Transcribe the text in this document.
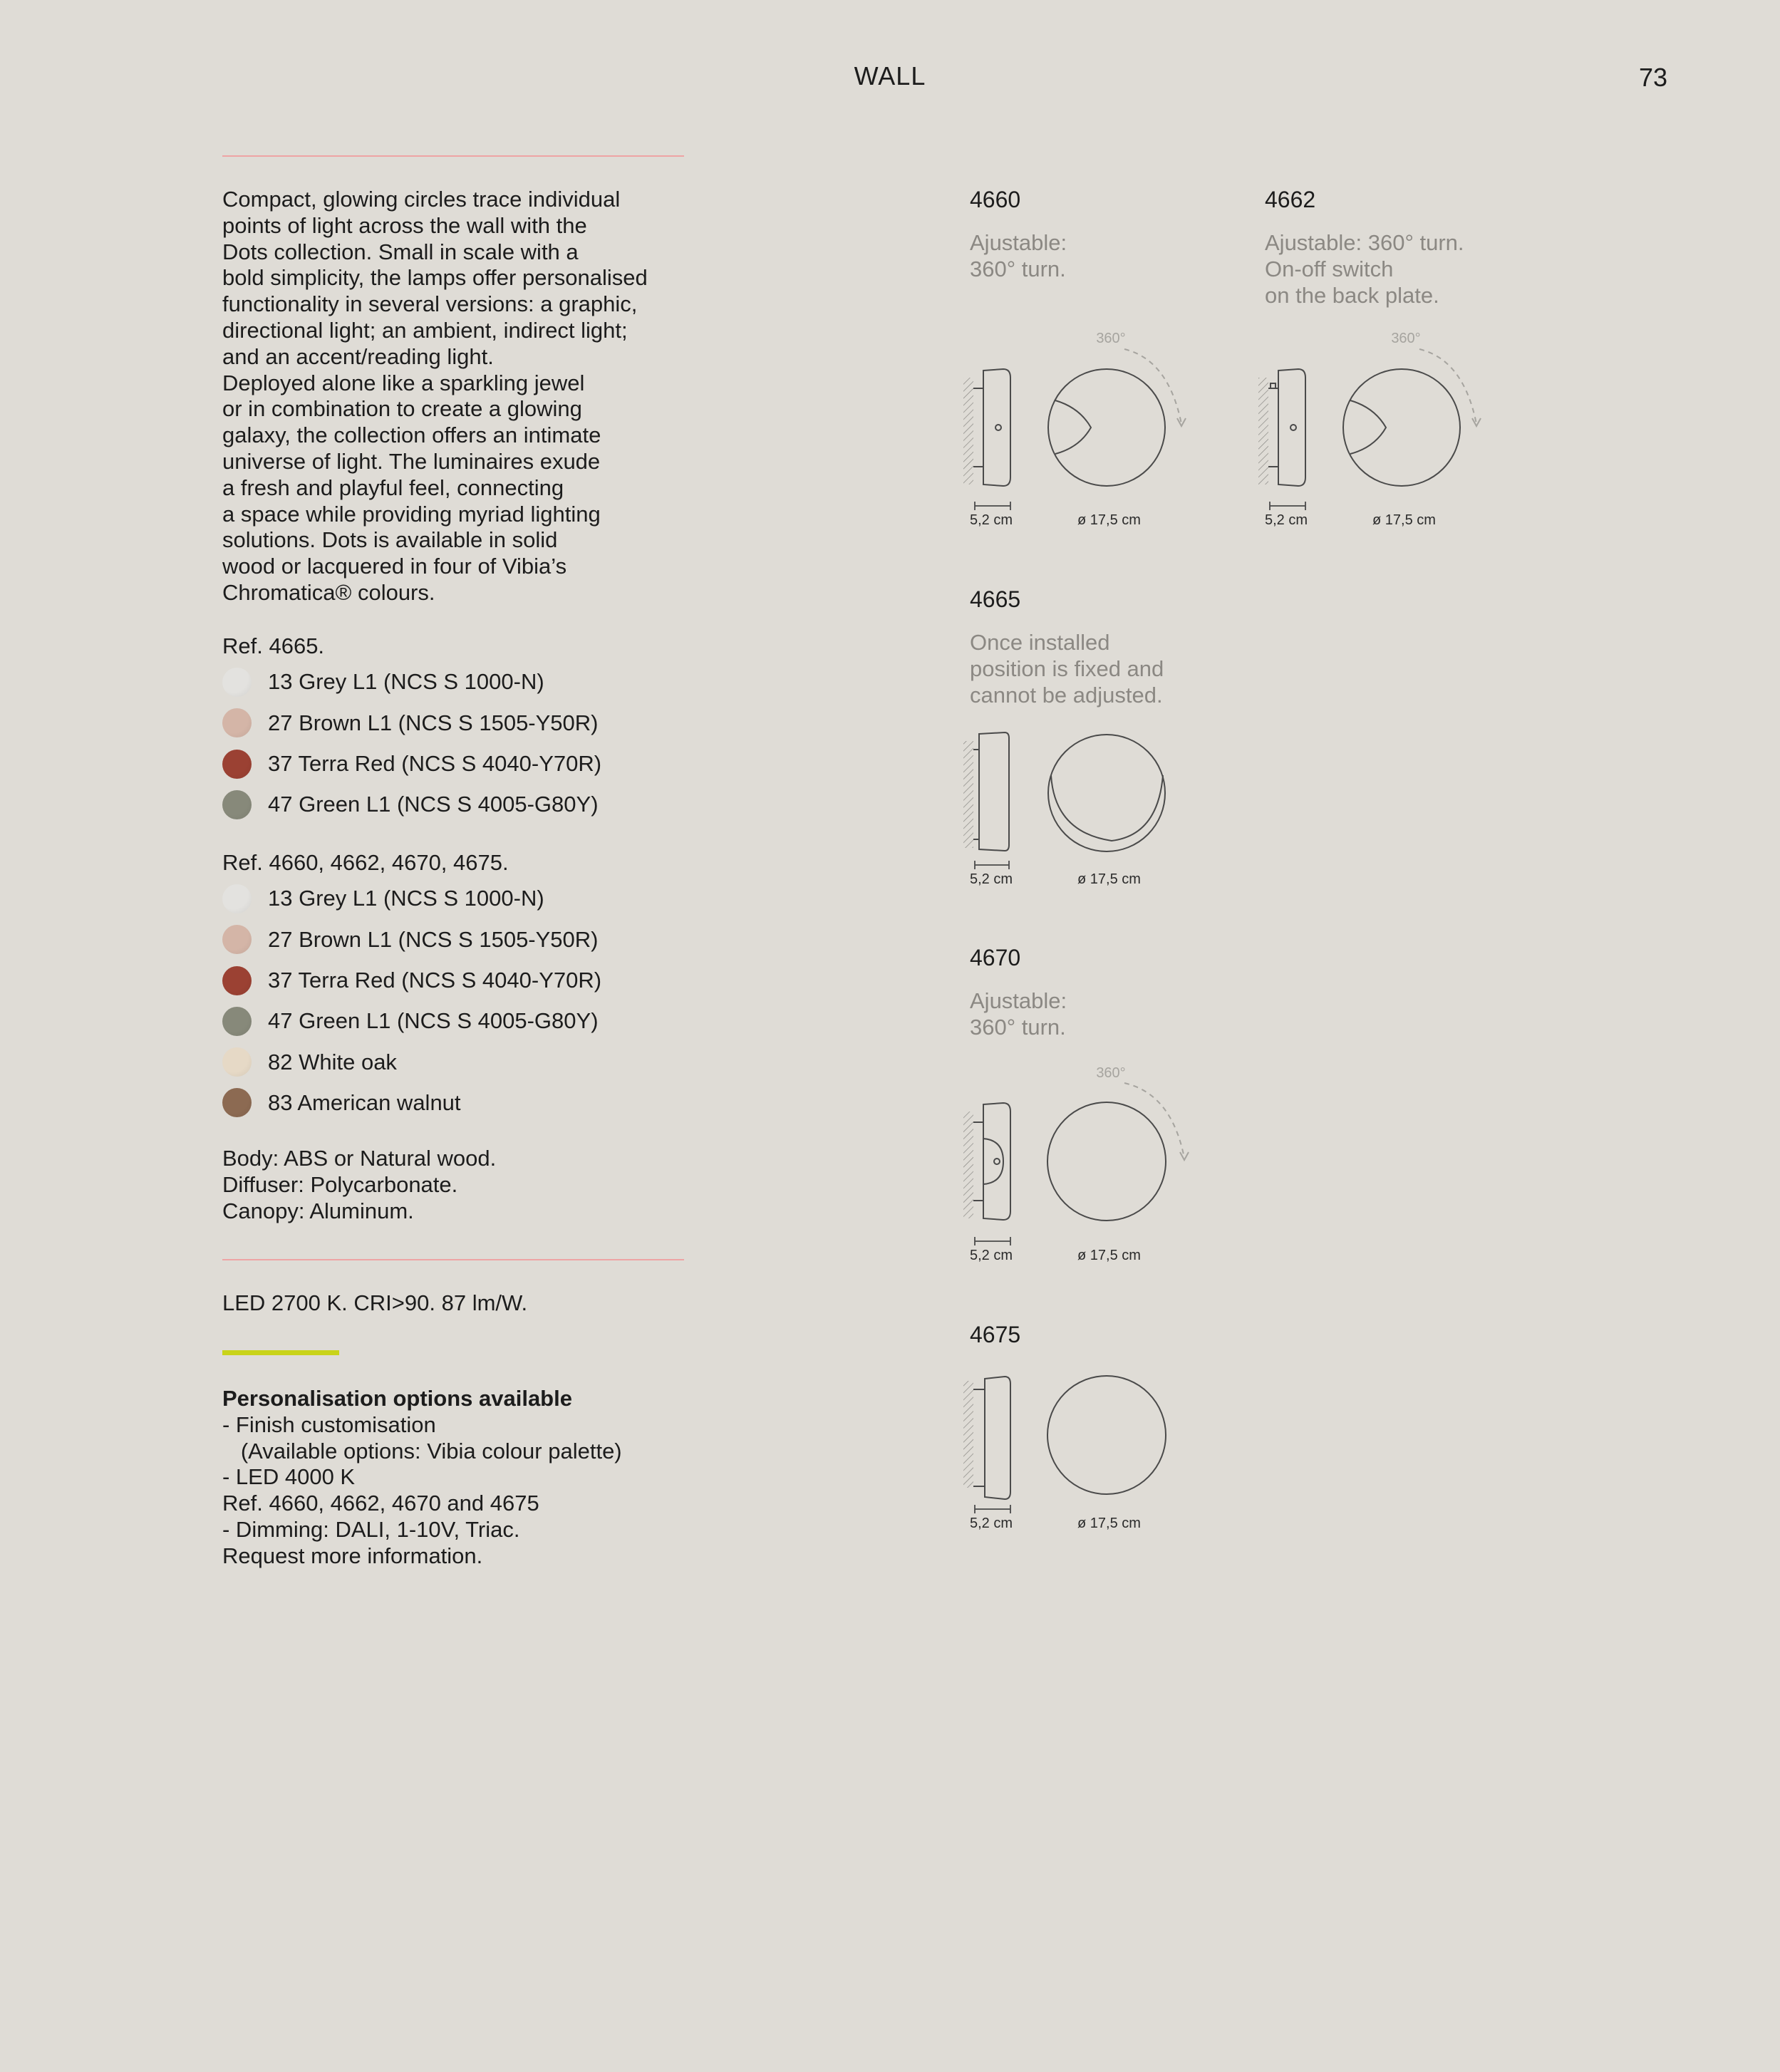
WALL	73
Compact, glowing circles trace individual
points of light across the wall with the
Dots collection. Small in scale with a
bold simplicity, the lamps offer personalised
functionality in several versions: a graphic,
directional light; an ambient, indirect light;
and an accent/reading light.
Deployed alone like a sparkling jewel
or in combination to create a glowing
galaxy, the collection offers an intimate
universe of light. The luminaires exude
a fresh and playful feel, connecting
a space while providing myriad lighting
solutions. Dots is available in solid
wood or lacquered in four of Vibia’s
Chromatica® colours.
Ref. 4665.
13 Grey L1 (NCS S 1000-N)
27 Brown L1 (NCS S 1505-Y50R)
37 Terra Red (NCS S 4040-Y70R)
47 Green L1 (NCS S 4005-G80Y)
Ref. 4660, 4662, 4670, 4675.
13 Grey L1 (NCS S 1000-N)
27 Brown L1 (NCS S 1505-Y50R)
37 Terra Red (NCS S 4040-Y70R)
47 Green L1 (NCS S 4005-G80Y)
82 White oak
83 American walnut
Body: ABS or Natural wood.
Diffuser: Polycarbonate.
Canopy: Aluminum.
LED 2700 K. CRI>90. 87 lm/W.
Personalisation options available
- Finish customisation
(Available options: Vibia colour palette)
- LED 4000 K
Ref. 4660, 4662, 4670 and 4675
- Dimming: DALI, 1-10V, Triac.
Request more information.
4660
Ajustable:
360° turn.
4662
Ajustable: 360° turn.
On-off switch
on the back plate.
4665
Once installed
position is fixed and
cannot be adjusted.
4670
Ajustable:
360° turn.
4675
360°
5,2 cm	ø 17,5 cm
360°
5,2 cm	ø 17,5 cm
5,2 cm	ø 17,5 cm
360°
5,2 cm	ø 17,5 cm
5,2 cm	ø 17,5 cm
